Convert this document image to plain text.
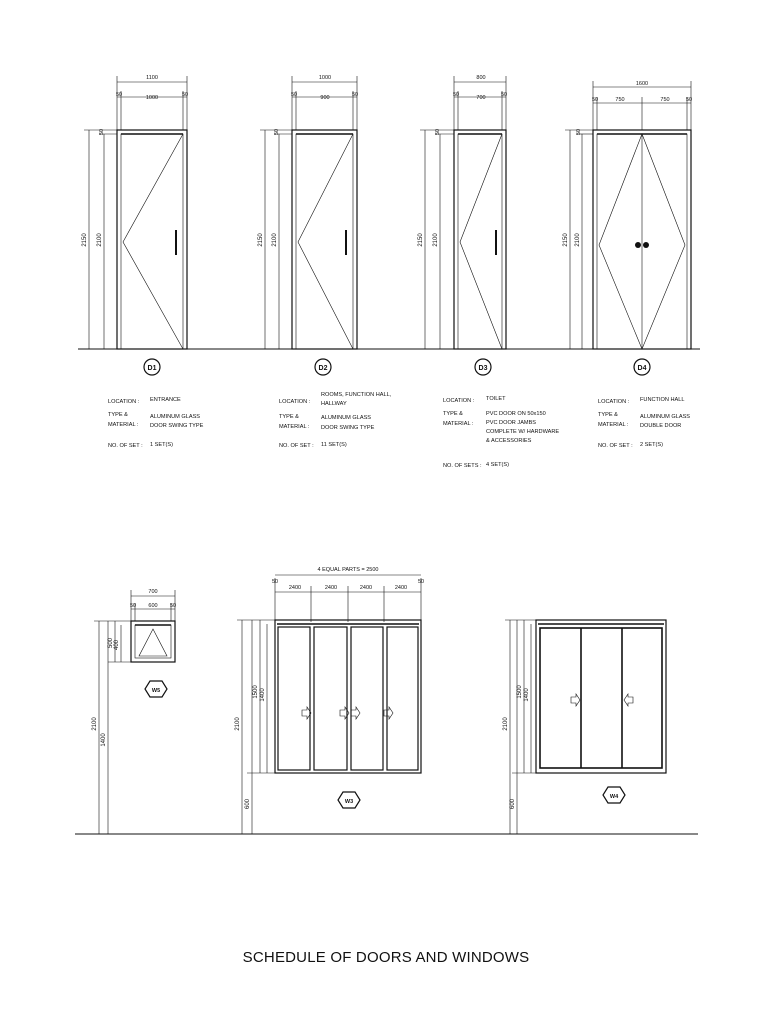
1100
1000
50	50
2150 2100
50
D1
LOCATION : ENTRANCE
TYPE &
MATERIAL :
ALUMINUM GLASS
DOOR SWING TYPE
NO. OF SET : 1 SET(S)
1000
900
50	50
2150 2100
50
D2
LOCATION :
ROOMS, FUNCTION HALL,
HALLWAY
TYPE &
MATERIAL :
ALUMINUM GLASS
DOOR SWING TYPE
NO. OF SET : 11 SET(S)
800
700
50	50
2150 2100
50
D3
LOCATION : TOILET
TYPE &
MATERIAL :
PVC DOOR ON 50x150
PVC DOOR JAMBS
COMPLETE W/ HARDWARE
& ACCESSORIES
NO. OF SETS : 4 SET(S)
1600
750	750
50	50
2150 2100
50
D4
LOCATION : FUNCTION HALL
TYPE &
MATERIAL :
ALUMINUM GLASS
DOUBLE DOOR
NO. OF SET : 2 SET(S)
700
600
50	50
2100
1400
500 400
W5
4 EQUAL PARTS = 2500
2400	2400	2400	2400
50	50
2100
600
1500 1400
W3
2100
600
1500 1400
W4
SCHEDULE OF DOORS AND WINDOWS
